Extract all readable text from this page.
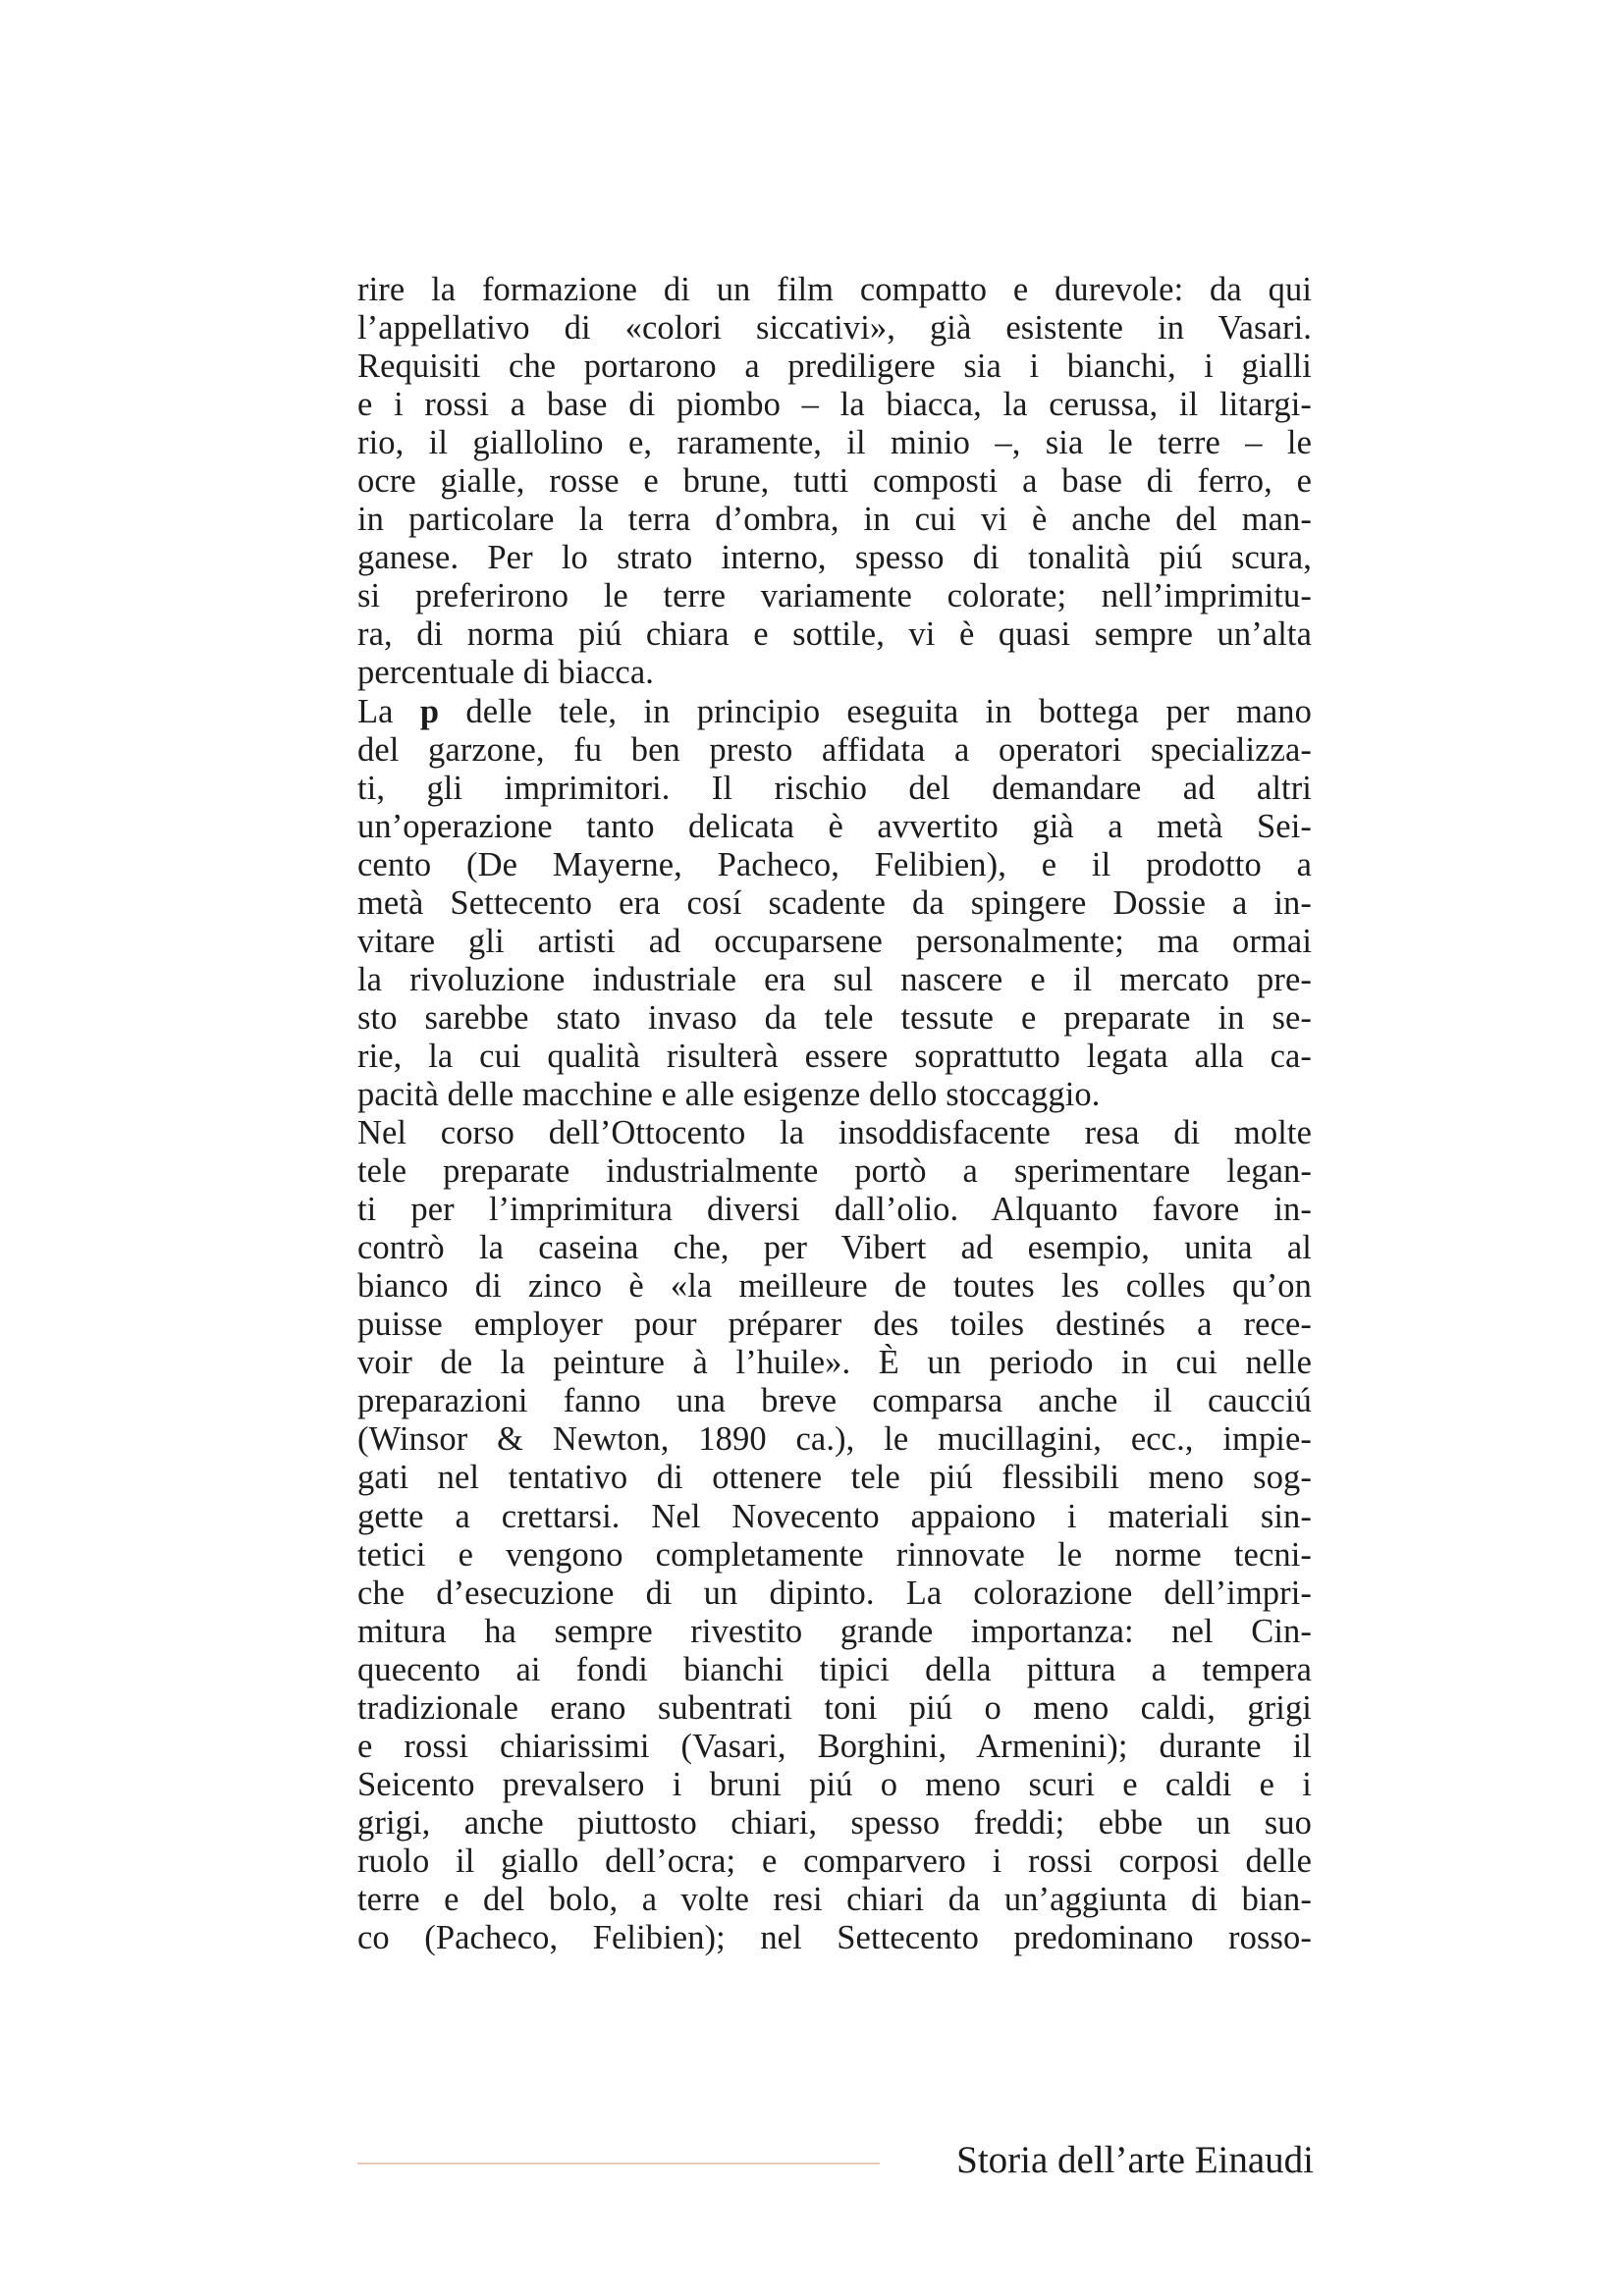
rire la formazione di un film compatto e durevole: da qui
l’appellativo di «colori siccativi», già esistente in Vasari.
Requisiti che portarono a prediligere sia i bianchi, i gialli
e i rossi a base di piombo – la biacca, la cerussa, il litargi-
rio, il giallolino e, raramente, il minio –, sia le terre – le
ocre gialle, rosse e brune, tutti composti a base di ferro, e
in particolare la terra d’ombra, in cui vi è anche del man-
ganese. Per lo strato interno, spesso di tonalità piú scura,
si preferirono le terre variamente colorate; nell’imprimitu-
ra, di norma piú chiara e sottile, vi è quasi sempre un’alta
percentuale di biacca.
La p delle tele, in principio eseguita in bottega per mano
del garzone, fu ben presto affidata a operatori specializza-
ti, gli imprimitori. Il rischio del demandare ad altri
un’operazione tanto delicata è avvertito già a metà Sei-
cento (De Mayerne, Pacheco, Felibien), e il prodotto a
metà Settecento era cosí scadente da spingere Dossie a in-
vitare gli artisti ad occuparsene personalmente; ma ormai
la rivoluzione industriale era sul nascere e il mercato pre-
sto sarebbe stato invaso da tele tessute e preparate in se-
rie, la cui qualità risulterà essere soprattutto legata alla ca-
pacità delle macchine e alle esigenze dello stoccaggio.
Nel corso dell’Ottocento la insoddisfacente resa di molte
tele preparate industrialmente portò a sperimentare legan-
ti per l’imprimitura diversi dall’olio. Alquanto favore in-
contrò la caseina che, per Vibert ad esempio, unita al
bianco di zinco è «la meilleure de toutes les colles qu’on
puisse employer pour préparer des toiles destinés a rece-
voir de la peinture à l’huile». È un periodo in cui nelle
preparazioni fanno una breve comparsa anche il caucciú
(Winsor & Newton, 1890 ca.), le mucillagini, ecc., impie-
gati nel tentativo di ottenere tele piú flessibili meno sog-
gette a crettarsi. Nel Novecento appaiono i materiali sin-
tetici e vengono completamente rinnovate le norme tecni-
che d’esecuzione di un dipinto. La colorazione dell’impri-
mitura ha sempre rivestito grande importanza: nel Cin-
quecento ai fondi bianchi tipici della pittura a tempera
tradizionale erano subentrati toni piú o meno caldi, grigi
e rossi chiarissimi (Vasari, Borghini, Armenini); durante il
Seicento prevalsero i bruni piú o meno scuri e caldi e i
grigi, anche piuttosto chiari, spesso freddi; ebbe un suo
ruolo il giallo dell’ocra; e comparvero i rossi corposi delle
terre e del bolo, a volte resi chiari da un’aggiunta di bian-
co (Pacheco, Felibien); nel Settecento predominano rosso-
Storia dell’arte Einaudi
